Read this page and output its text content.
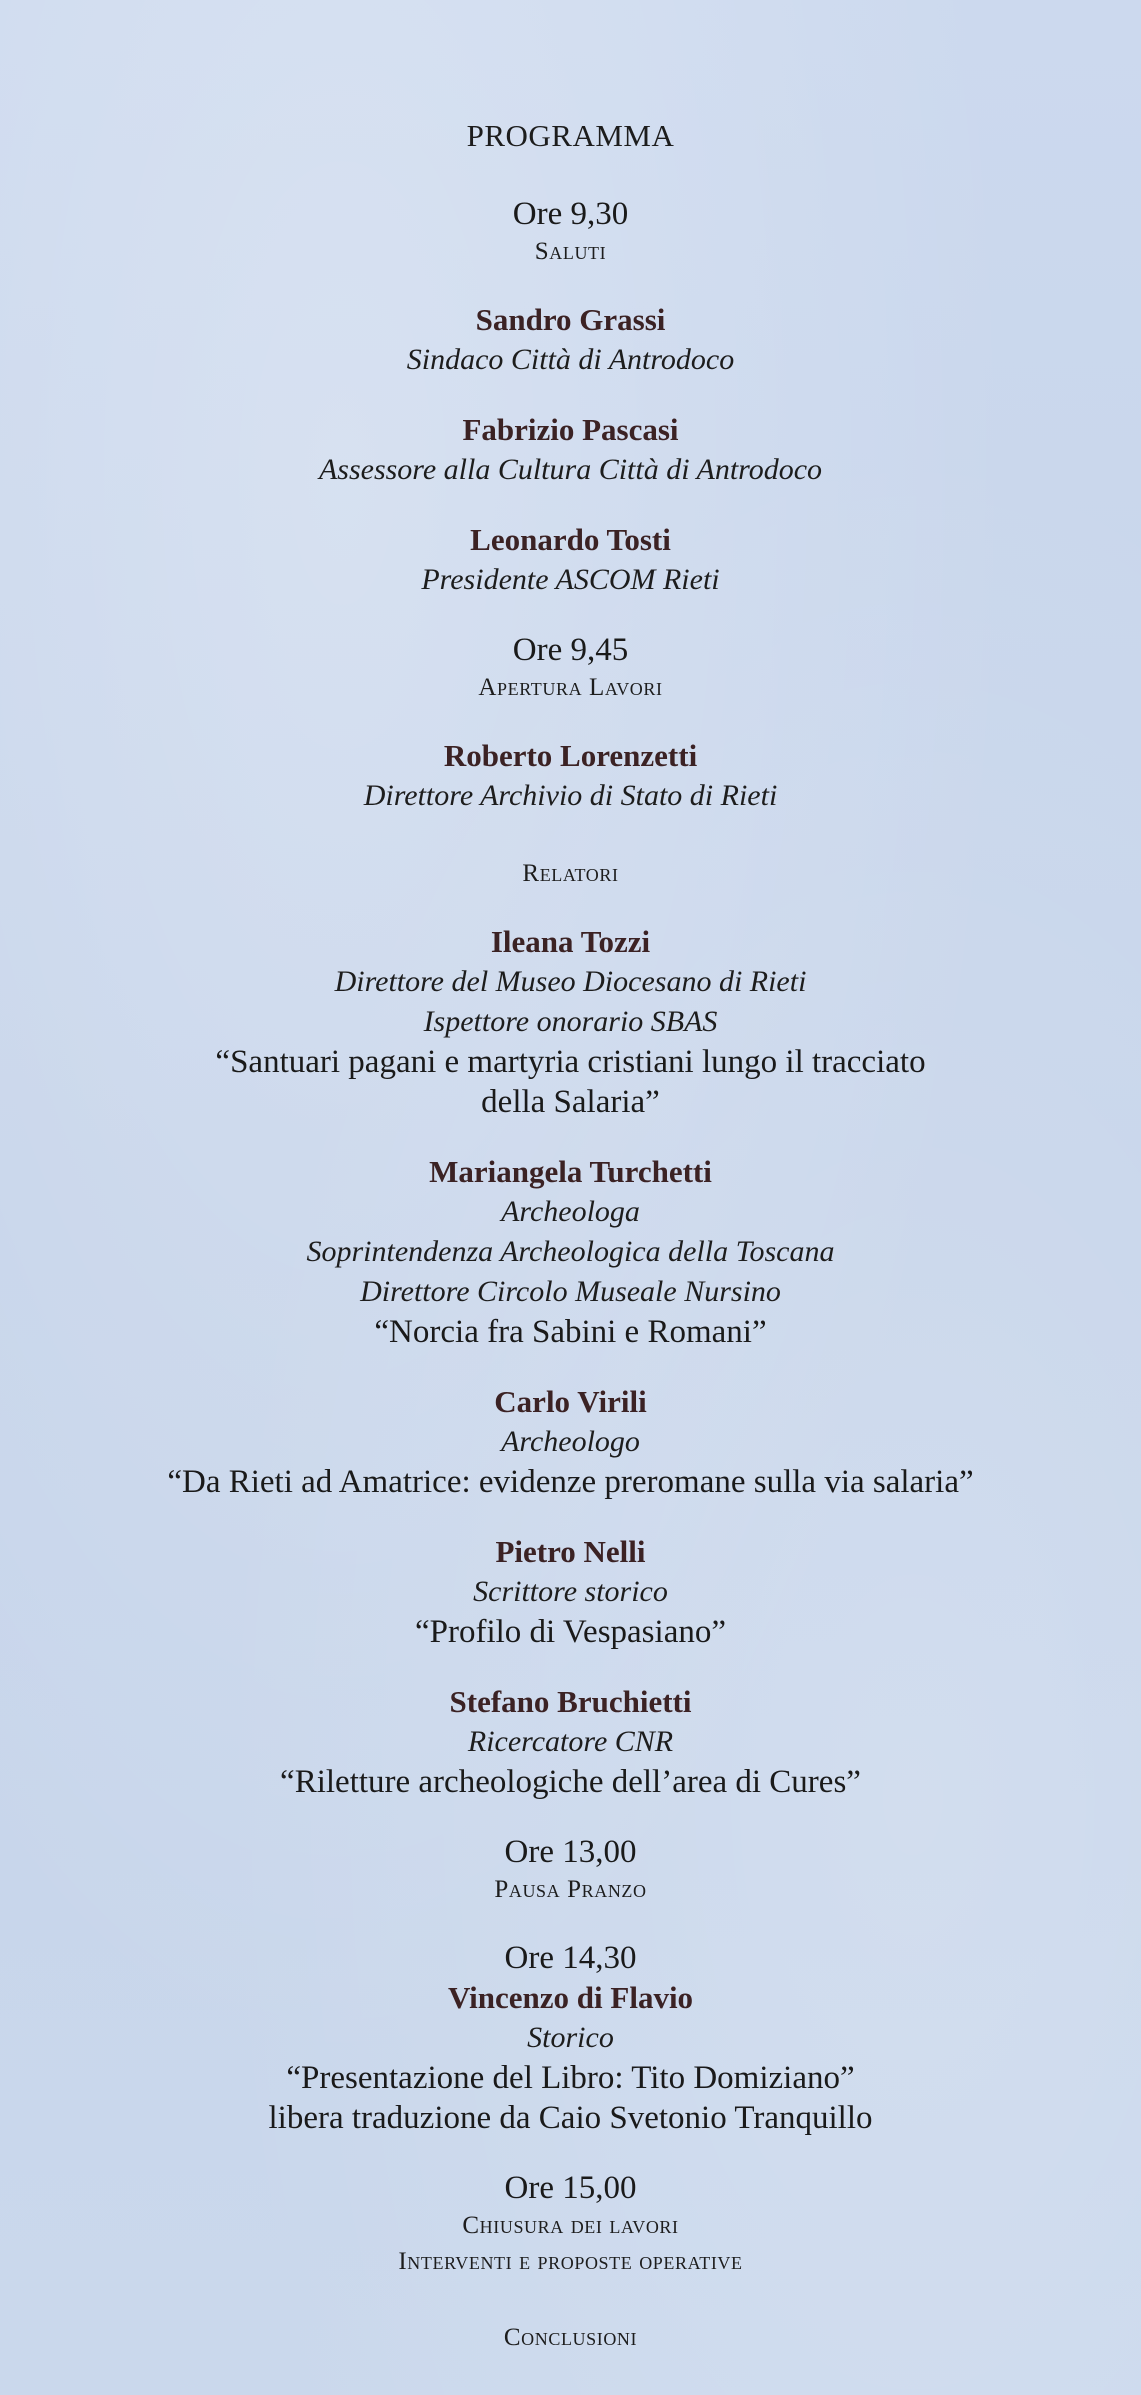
PROGRAMMA
Ore 9,30
Saluti
Sandro Grassi
Sindaco Città di Antrodoco
Fabrizio Pascasi
Assessore alla Cultura Città di Antrodoco
Leonardo Tosti
Presidente ASCOM Rieti
Ore 9,45
Apertura Lavori
Roberto Lorenzetti
Direttore Archivio di Stato di Rieti
Relatori
Ileana Tozzi
Direttore del Museo Diocesano di Rieti
Ispettore onorario SBAS
“Santuari pagani e martyria cristiani lungo il tracciato
della Salaria”
Mariangela Turchetti
Archeologa
Soprintendenza Archeologica della Toscana
Direttore Circolo Museale Nursino
“Norcia fra Sabini e Romani”
Carlo Virili
Archeologo
“Da Rieti ad Amatrice: evidenze preromane sulla via salaria”
Pietro Nelli
Scrittore storico
“Profilo di Vespasiano”
Stefano Bruchietti
Ricercatore CNR
“Riletture archeologiche dell’area di Cures”
Ore 13,00
Pausa Pranzo
Ore 14,30
Vincenzo di Flavio
Storico
“Presentazione del Libro: Tito Domiziano”
libera traduzione da Caio Svetonio Tranquillo
Ore 15,00
Chiusura dei lavori
Interventi e proposte operative
Conclusioni
